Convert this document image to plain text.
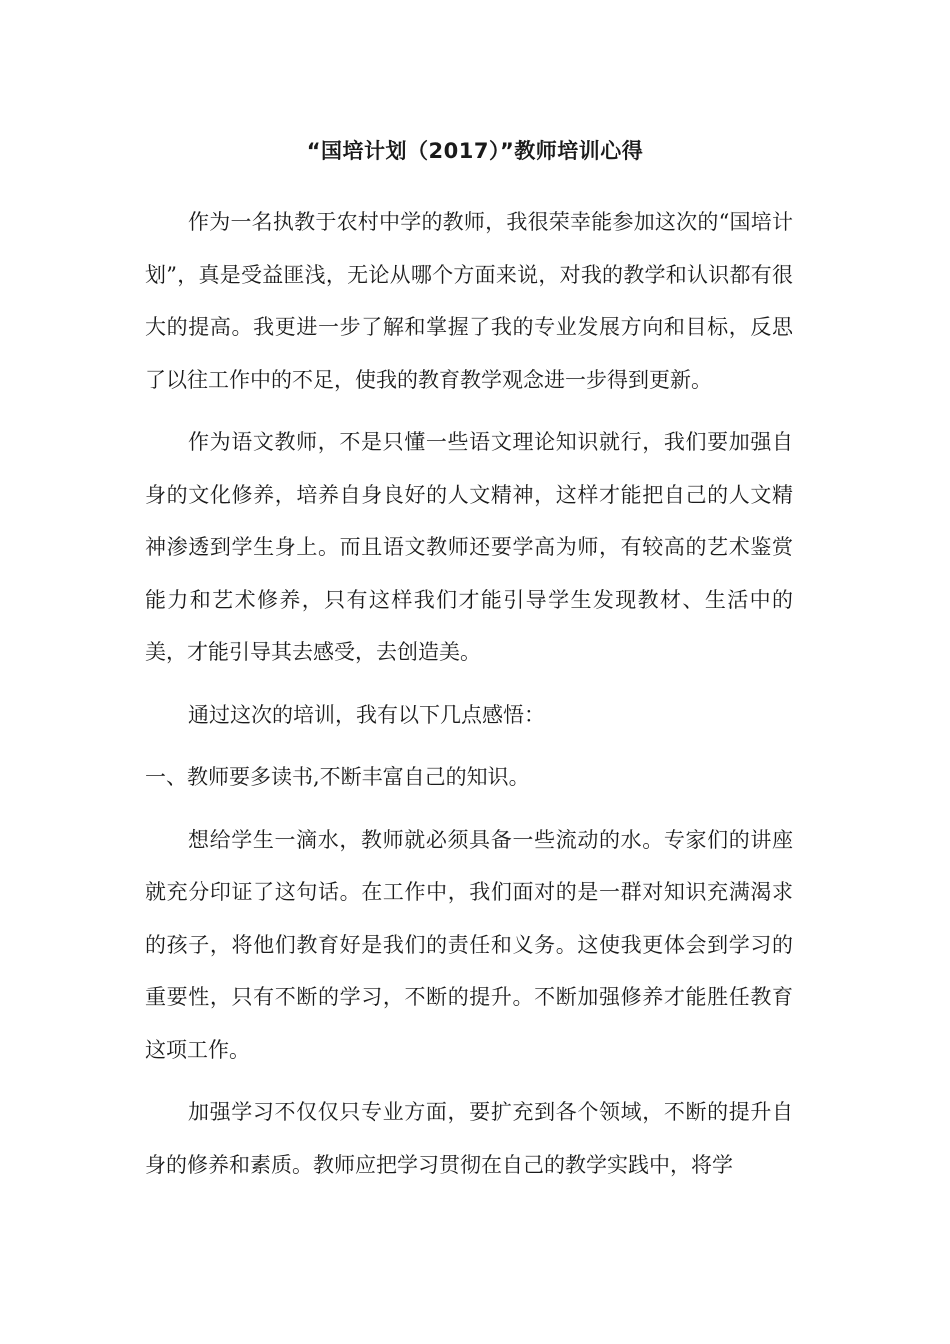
“国培计划（2017）”教师培训心得

作为一名执教于农村中学的教师，我很荣幸能参加这次的“国培计划”，真是受益匪浅，无论从哪个方面来说，对我的教学和认识都有很大的提高。我更进一步了解和掌握了我的专业发展方向和目标，反思了以往工作中的不足，使我的教育教学观念进一步得到更新。

作为语文教师，不是只懂一些语文理论知识就行，我们要加强自身的文化修养，培养自身良好的人文精神，这样才能把自己的人文精神渗透到学生身上。而且语文教师还要学高为师，有较高的艺术鉴赏能力和艺术修养，只有这样我们才能引导学生发现教材、生活中的美，才能引导其去感受，去创造美。

通过这次的培训，我有以下几点感悟：

一、教师要多读书,不断丰富自己的知识。

想给学生一滴水，教师就必须具备一些流动的水。专家们的讲座就充分印证了这句话。在工作中，我们面对的是一群对知识充满渴求的孩子，将他们教育好是我们的责任和义务。这使我更体会到学习的重要性，只有不断的学习，不断的提升。不断加强修养才能胜任教育这项工作。

加强学习不仅仅只专业方面，要扩充到各个领域，不断的提升自身的修养和素质。教师应把学习贯彻在自己的教学实践中，将学
